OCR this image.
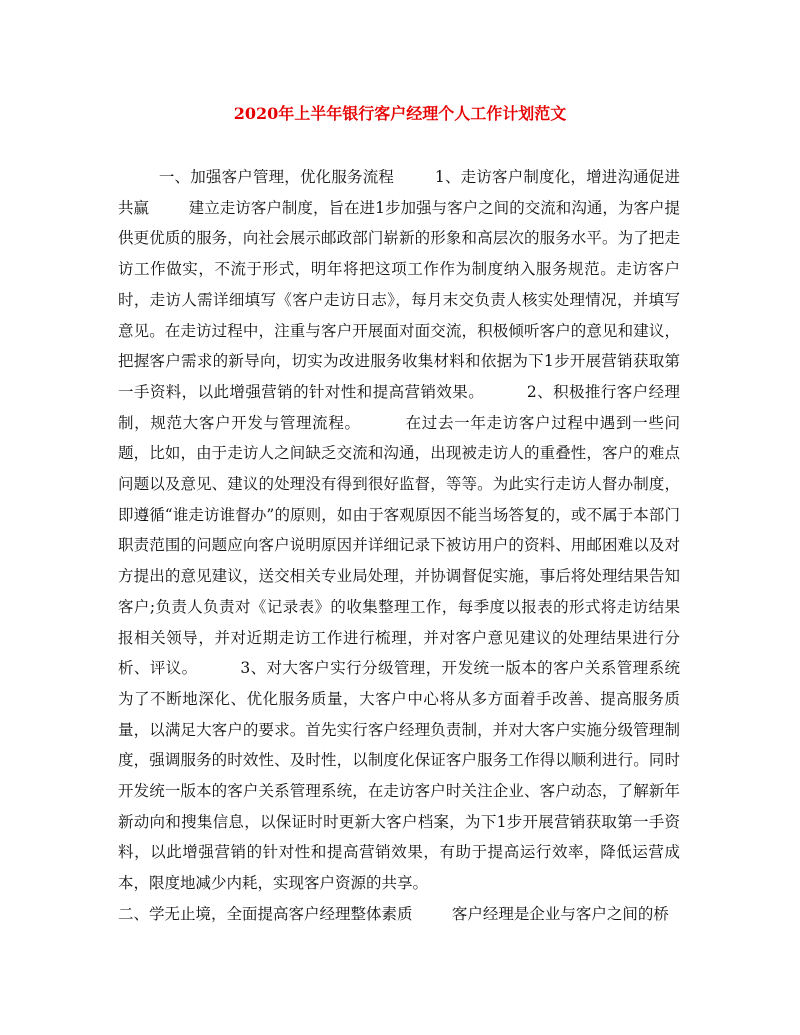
2020年上半年银行客户经理个人工作计划范文
一、加强客户管理，优化服务流程        1、走访客户制度化，增进沟通促进共赢        建立走访客户制度，旨在进1步加强与客户之间的交流和沟通，为客户提供更优质的服务，向社会展示邮政部门崭新的形象和高层次的服务水平。为了把走访工作做实，不流于形式，明年将把这项工作作为制度纳入服务规范。走访客户时，走访人需详细填写《客户走访日志》，每月末交负责人核实处理情况，并填写意见。在走访过程中，注重与客户开展面对面交流，积极倾听客户的意见和建议，把握客户需求的新导向，切实为改进服务收集材料和依据为下1步开展营销获取第一手资料，以此增强营销的针对性和提高营销效果。        2、积极推行客户经理制，规范大客户开发与管理流程。        在过去一年走访客户过程中遇到一些问题，比如，由于走访人之间缺乏交流和沟通，出现被走访人的重叠性，客户的难点问题以及意见、建议的处理没有得到很好监督，等等。为此实行走访人督办制度，即遵循“谁走访谁督办”的原则，如由于客观原因不能当场答复的，或不属于本部门职责范围的问题应向客户说明原因并详细记录下被访用户的资料、用邮困难以及对方提出的意见建议，送交相关专业局处理，并协调督促实施，事后将处理结果告知客户;负责人负责对《记录表》的收集整理工作，每季度以报表的形式将走访结果报相关领导，并对近期走访工作进行梳理，并对客户意见建议的处理结果进行分析、评议。        3、对大客户实行分级管理，开发统一版本的客户关系管理系统        为了不断地深化、优化服务质量，大客户中心将从多方面着手改善、提高服务质量，以满足大客户的要求。首先实行客户经理负责制，并对大客户实施分级管理制度，强调服务的时效性、及时性，以制度化保证客户服务工作得以顺利进行。同时开发统一版本的客户关系管理系统，在走访客户时关注企业、客户动态，了解新年新动向和搜集信息，以保证时时更新大客户档案，为下1步开展营销获取第一手资料，以此增强营销的针对性和提高营销效果，有助于提高运行效率，降低运营成本，限度地减少内耗，实现客户资源的共享。
二、学无止境，全面提高客户经理整体素质        客户经理是企业与客户之间的桥
